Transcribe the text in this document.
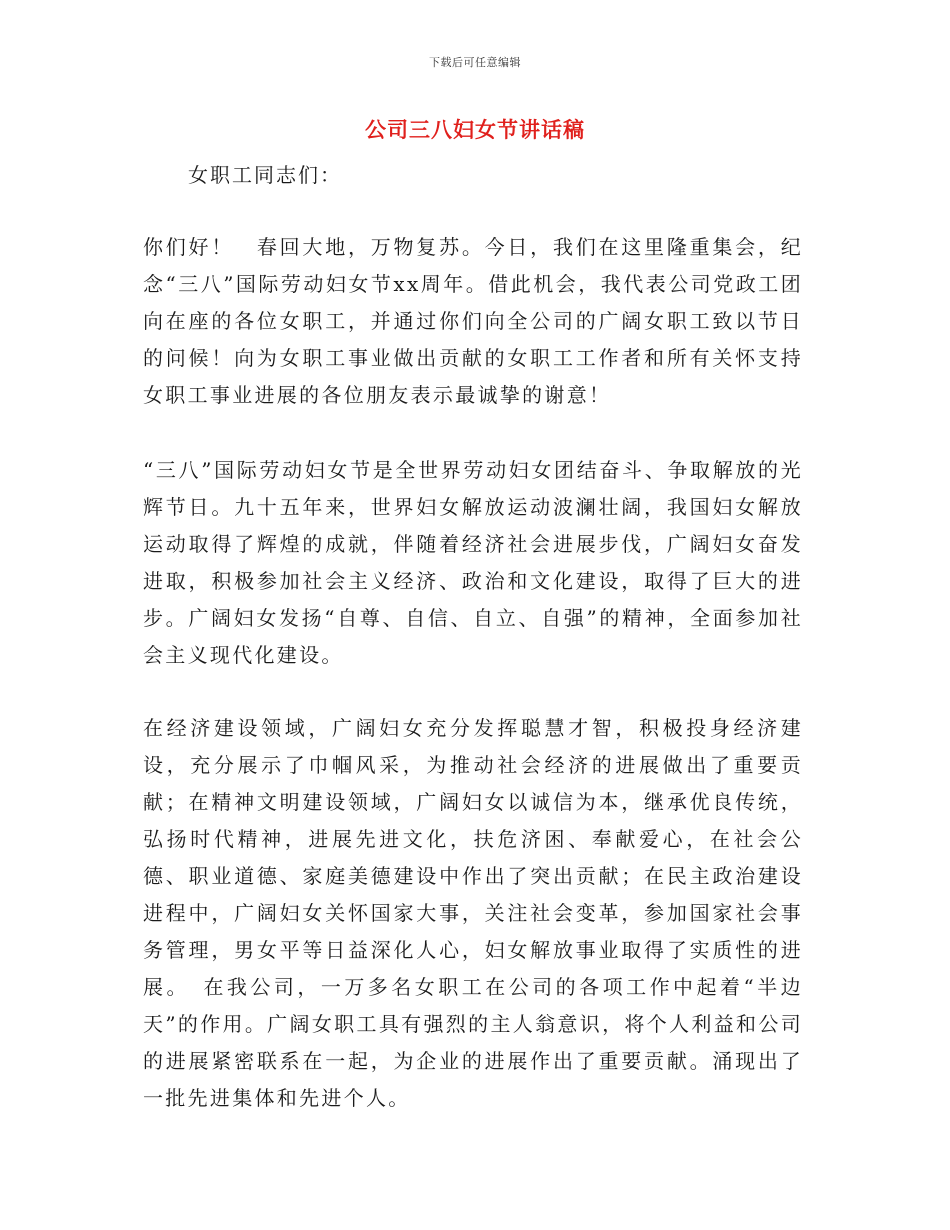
下载后可任意编辑
公司三八妇女节讲话稿
女职工同志们：

你们好！　春回大地，万物复苏。今日，我们在这里隆重集会，纪念“三八”国际劳动妇女节xx周年。借此机会，我代表公司党政工团向在座的各位女职工，并通过你们向全公司的广阔女职工致以节日的问候！向为女职工事业做出贡献的女职工工作者和所有关怀支持女职工事业进展的各位朋友表示最诚挚的谢意！

“三八”国际劳动妇女节是全世界劳动妇女团结奋斗、争取解放的光辉节日。九十五年来，世界妇女解放运动波澜壮阔，我国妇女解放运动取得了辉煌的成就，伴随着经济社会进展步伐，广阔妇女奋发进取，积极参加社会主义经济、政治和文化建设，取得了巨大的进步。广阔妇女发扬“自尊、自信、自立、自强”的精神，全面参加社会主义现代化建设。

在经济建设领域，广阔妇女充分发挥聪慧才智，积极投身经济建设，充分展示了巾帼风采，为推动社会经济的进展做出了重要贡献；在精神文明建设领域，广阔妇女以诚信为本，继承优良传统，弘扬时代精神，进展先进文化，扶危济困、奉献爱心，在社会公德、职业道德、家庭美德建设中作出了突出贡献；在民主政治建设进程中，广阔妇女关怀国家大事，关注社会变革，参加国家社会事务管理，男女平等日益深化人心，妇女解放事业取得了实质性的进展。　在我公司，一万多名女职工在公司的各项工作中起着“半边天”的作用。广阔女职工具有强烈的主人翁意识，将个人利益和公司的进展紧密联系在一起，为企业的进展作出了重要贡献。涌现出了一批先进集体和先进个人。
